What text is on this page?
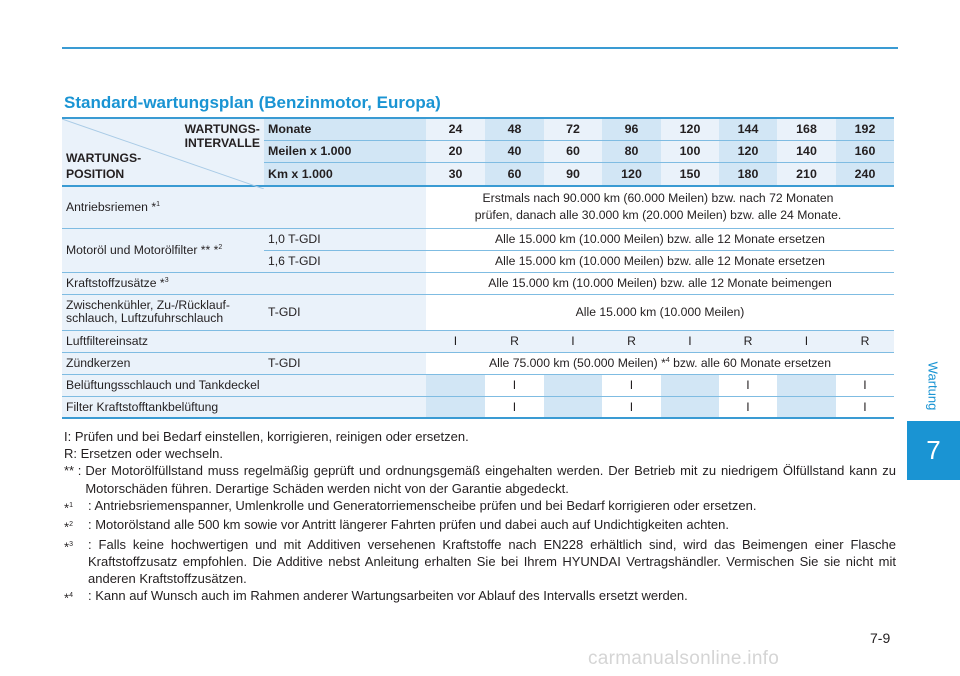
Wartung
7
Standard-wartungsplan (Benzinmotor, Europa)
WARTUNGS-
INTERVALLE
WARTUNGS-
POSITION	Monate	24	48	72	96	120	144	168	192
	Meilen x 1.000	20	40	60	80	100	120	140	160
	Km x 1.000	30	60	90	120	150	180	210	240
Antriebsriemen *$^1$		Erstmals nach 90.000 km (60.000 Meilen) bzw. nach 72 Monaten
prüfen, danach alle 30.000 km (20.000 Meilen) bzw. alle 24 Monate.							

Motoröl und Motorölfilter ** *$^2$	1,0 T-GDI	Alle 15.000 km (10.000 Meilen) bzw. alle 12 Monate ersetzen							
	1,6 T-GDI	Alle 15.000 km (10.000 Meilen) bzw. alle 12 Monate ersetzen							
Kraftstoffzusätze *$^3$		Alle 15.000 km (10.000 Meilen) bzw. alle 12 Monate beimengen							

Zwischenkühler, Zu-/Rücklauf-
schlauch, Luftzufuhrschlauch	T-GDI	Alle 15.000 km (10.000 Meilen)							
Luftfiltereinsatz		I	R	I	R	I	R	I	R
Zündkerzen	T-GDI	Alle 75.000 km (50.000 Meilen) *$^4$ bzw. alle 60 Monate ersetzen							
Belüftungsschlauch und Tankdeckel			I		I		I		I
Filter Kraftstofftankbelüftung			I		I		I		I
I: Prüfen und bei Bedarf einstellen, korrigieren, reinigen oder ersetzen.
R: Ersetzen oder wechseln.
** : Der Motorölfüllstand muss regelmäßig geprüft und ordnungsgemäß eingehalten werden. Der Betrieb mit zu niedrigem Ölfüllstand kann zu Motorschäden führen. Derartige Schäden werden nicht von der Garantie abgedeckt.
*$^1$	: Antriebsriemenspanner, Umlenkrolle und Generatorriemenscheibe prüfen und bei Bedarf korrigieren oder ersetzen.
*$^2$	: Motorölstand alle 500 km sowie vor Antritt längerer Fahrten prüfen und dabei auch auf Undichtigkeiten achten.
*$^3$	: Falls keine hochwertigen und mit Additiven versehenen Kraftstoffe nach EN228 erhältlich sind, wird das Beimengen einer Flasche Kraftstoffzusatz empfohlen. Die Additive nebst Anleitung erhalten Sie bei Ihrem HYUNDAI Vertragshändler. Vermischen Sie sie nicht mit anderen Kraftstoffzusätzen.
*$^4$	: Kann auf Wunsch auch im Rahmen anderer Wartungsarbeiten vor Ablauf des Intervalls ersetzt werden.
7-9
carmanualsonline.info
